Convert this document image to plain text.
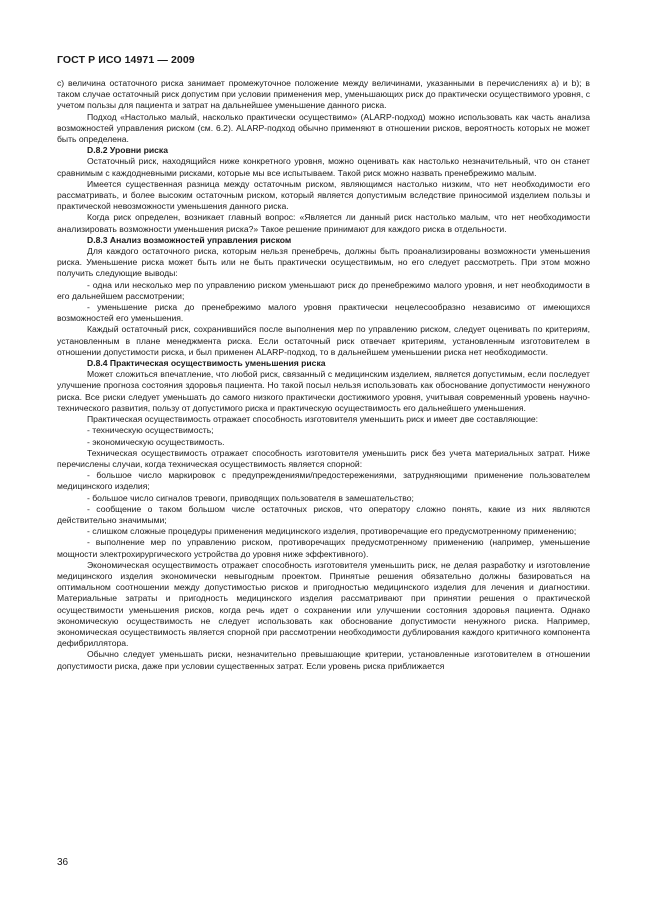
ГОСТ Р ИСО 14971 — 2009

c) величина остаточного риска занимает промежуточное положение между величинами, указанными в перечислениях a) и b); в таком случае остаточный риск допустим при условии применения мер, уменьшающих риск до практически осуществимого уровня, с учетом пользы для пациента и затрат на дальнейшее уменьшение данного риска.

Подход «Настолько малый, насколько практически осуществимо» (ALARP-подход) можно использовать как часть анализа возможностей управления риском (см. 6.2). ALARP-подход обычно применяют в отношении рисков, вероятность которых не может быть определена.

D.8.2 Уровни риска

Остаточный риск, находящийся ниже конкретного уровня, можно оценивать как настолько незначительный, что он станет сравнимым с каждодневными рисками, которые мы все испытываем. Такой риск можно назвать пренебрежимо малым.

Имеется существенная разница между остаточным риском, являющимся настолько низким, что нет необходимости его рассматривать, и более высоким остаточным риском, который является допустимым вследствие приносимой изделием пользы и практической невозможности уменьшения данного риска.

Когда риск определен, возникает главный вопрос: «Является ли данный риск настолько малым, что нет необходимости анализировать возможности уменьшения риска?» Такое решение принимают для каждого риска в отдельности.

D.8.3 Анализ возможностей управления риском

Для каждого остаточного риска, которым нельзя пренебречь, должны быть проанализированы возможности уменьшения риска. Уменьшение риска может быть или не быть практически осуществимым, но его следует рассмотреть. При этом можно получить следующие выводы:

- одна или несколько мер по управлению риском уменьшают риск до пренебрежимо малого уровня, и нет необходимости в его дальнейшем рассмотрении;

- уменьшение риска до пренебрежимо малого уровня практически нецелесообразно независимо от имеющихся возможностей его уменьшения.

Каждый остаточный риск, сохранившийся после выполнения мер по управлению риском, следует оценивать по критериям, установленным в плане менеджмента риска. Если остаточный риск отвечает критериям, установленным изготовителем в отношении допустимости риска, и был применен ALARP-подход, то в дальнейшем уменьшении риска нет необходимости.

D.8.4 Практическая осуществимость уменьшения риска

Может сложиться впечатление, что любой риск, связанный с медицинским изделием, является допустимым, если последует улучшение прогноза состояния здоровья пациента. Но такой посыл нельзя использовать как обоснование допустимости ненужного риска. Все риски следует уменьшать до самого низкого практически достижимого уровня, учитывая современный уровень научно-технического развития, пользу от допустимого риска и практическую осуществимость его дальнейшего уменьшения.

Практическая осуществимость отражает способность изготовителя уменьшить риск и имеет две составляющие:

- техническую осуществимость;

- экономическую осуществимость.

Техническая осуществимость отражает способность изготовителя уменьшить риск без учета материальных затрат. Ниже перечислены случаи, когда техническая осуществимость является спорной:

- большое число маркировок с предупреждениями/предостережениями, затрудняющими применение пользователем медицинского изделия;

- большое число сигналов тревоги, приводящих пользователя в замешательство;

- сообщение о таком большом числе остаточных рисков, что оператору сложно понять, какие из них являются действительно значимыми;

- слишком сложные процедуры применения медицинского изделия, противоречащие его предусмотренному применению;

- выполнение мер по управлению риском, противоречащих предусмотренному применению (например, уменьшение мощности электрохирургического устройства до уровня ниже эффективного).

Экономическая осуществимость отражает способность изготовителя уменьшить риск, не делая разработку и изготовление медицинского изделия экономически невыгодным проектом. Принятые решения обязательно должны базироваться на оптимальном соотношении между допустимостью рисков и пригодностью медицинского изделия для лечения и диагностики. Материальные затраты и пригодность медицинского изделия рассматривают при принятии решения о практической осуществимости уменьшения рисков, когда речь идет о сохранении или улучшении состояния здоровья пациента. Однако экономическую осуществимость не следует использовать как обоснование допустимости ненужного риска. Например, экономическая осуществимость является спорной при рассмотрении необходимости дублирования каждого критичного компонента дефибриллятора.

Обычно следует уменьшать риски, незначительно превышающие критерии, установленные изготовителем в отношении допустимости риска, даже при условии существенных затрат. Если уровень риска приближается

36
